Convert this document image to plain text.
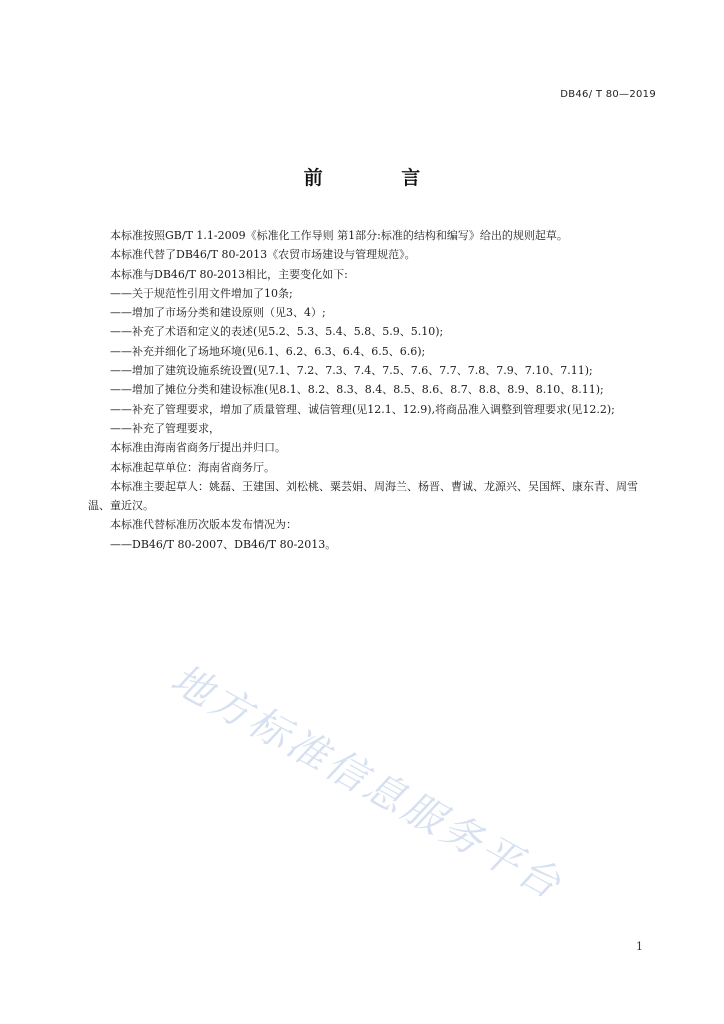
DB46/ T 80—2019
前 言

本标准按照GB/T 1.1-2009《标准化工作导则 第1部分:标准的结构和编写》给出的规则起草。

本标准代替了DB46/T 80-2013《农贸市场建设与管理规范》。

本标准与DB46/T 80-2013相比，主要变化如下:

——关于规范性引用文件增加了10条;

——增加了市场分类和建设原则（见3、4）;

——补充了术语和定义的表述(见5.2、5.3、5.4、5.8、5.9、5.10);

——补充并细化了场地环境(见6.1、6.2、6.3、6.4、6.5、6.6);

——增加了建筑设施系统设置(见7.1、7.2、7.3、7.4、7.5、7.6、7.7、7.8、7.9、7.10、7.11);

——增加了摊位分类和建设标准(见8.1、8.2、8.3、8.4、8.5、8.6、8.7、8.8、8.9、8.10、8.11);

——补充了管理要求，增加了质量管理、诚信管理(见12.1、12.9),将商品准入调整到管理要求(见12.2);

——补充了管理要求，

本标准由海南省商务厅提出并归口。

本标准起草单位：海南省商务厅。

本标准主要起草人：姚磊、王建国、刘松桃、粟芸娟、周海兰、杨晋、曹诚、龙源兴、吴国辉、康东青、周雪温、童近汉。

本标准代替标准历次版本发布情况为：

——DB46/T 80-2007、DB46/T 80-2013。

地方标准信息服务平台
1
